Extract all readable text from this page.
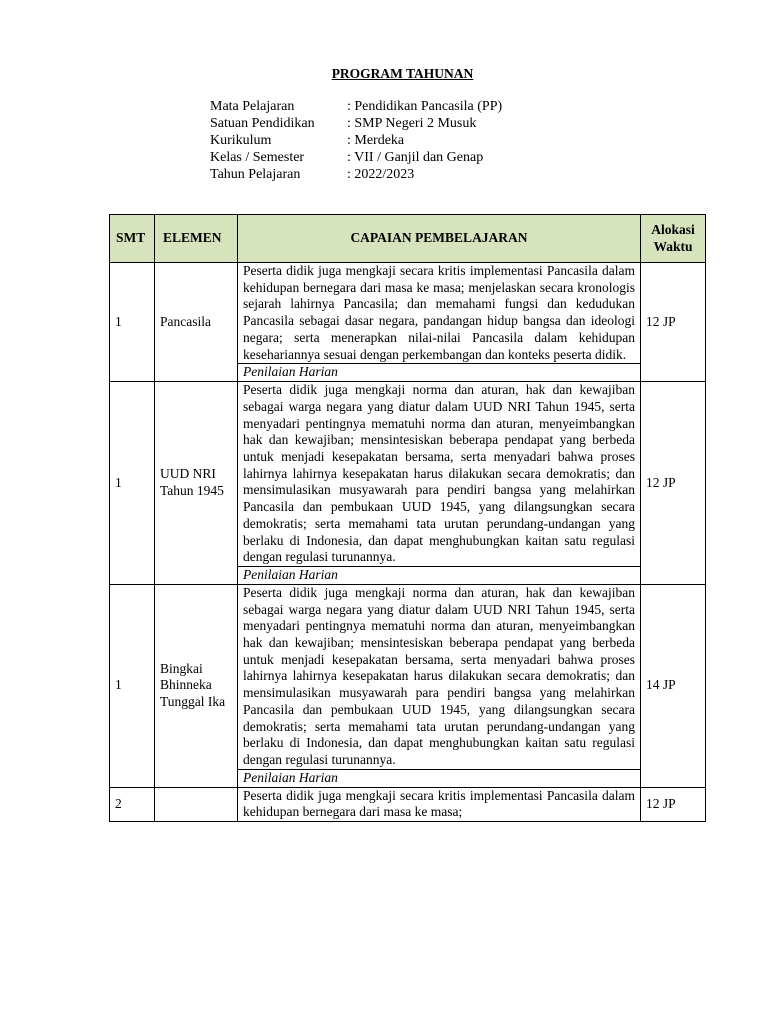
PROGRAM TAHUNAN
Mata Pelajaran	: Pendidikan Pancasila (PP)
Satuan Pendidikan	: SMP Negeri 2 Musuk
Kurikulum	: Merdeka
Kelas / Semester	: VII / Ganjil dan Genap
Tahun Pelajaran	: 2022/2023
SMT	ELEMEN	CAPAIAN PEMBELAJARAN	Alokasi Waktu
1	Pancasila	Peserta didik juga mengkaji secara kritis implementasi Pancasila dalam kehidupan bernegara dari masa ke masa; menjelaskan secara kronologis sejarah lahirnya Pancasila; dan memahami fungsi dan kedudukan Pancasila sebagai dasar negara, pandangan hidup bangsa dan ideologi negara; serta menerapkan nilai-nilai Pancasila dalam kehidupan kesehariannya sesuai dengan perkembangan dan konteks peserta didik.	12 JP
		Penilaian Harian	
1	UUD NRI Tahun 1945	Peserta didik juga mengkaji norma dan aturan, hak dan kewajiban sebagai warga negara yang diatur dalam UUD NRI Tahun 1945, serta menyadari pentingnya mematuhi norma dan aturan, menyeimbangkan hak dan kewajiban; mensintesiskan beberapa pendapat yang berbeda untuk menjadi kesepakatan bersama, serta menyadari bahwa proses lahirnya lahirnya kesepakatan harus dilakukan secara demokratis; dan mensimulasikan musyawarah para pendiri bangsa yang melahirkan Pancasila dan pembukaan UUD 1945, yang dilangsungkan secara demokratis; serta memahami tata urutan perundang-undangan yang berlaku di Indonesia, dan dapat menghubungkan kaitan satu regulasi dengan regulasi turunannya.	12 JP
		Penilaian Harian	
1	Bingkai Bhinneka Tunggal Ika	Peserta didik juga mengkaji norma dan aturan, hak dan kewajiban sebagai warga negara yang diatur dalam UUD NRI Tahun 1945, serta menyadari pentingnya mematuhi norma dan aturan, menyeimbangkan hak dan kewajiban; mensintesiskan beberapa pendapat yang berbeda untuk menjadi kesepakatan bersama, serta menyadari bahwa proses lahirnya lahirnya kesepakatan harus dilakukan secara demokratis; dan mensimulasikan musyawarah para pendiri bangsa yang melahirkan Pancasila dan pembukaan UUD 1945, yang dilangsungkan secara demokratis; serta memahami tata urutan perundang-undangan yang berlaku di Indonesia, dan dapat menghubungkan kaitan satu regulasi dengan regulasi turunannya.	14 JP
		Penilaian Harian	
2		Peserta didik juga mengkaji secara kritis implementasi Pancasila dalam kehidupan bernegara dari masa ke masa;	12 JP
